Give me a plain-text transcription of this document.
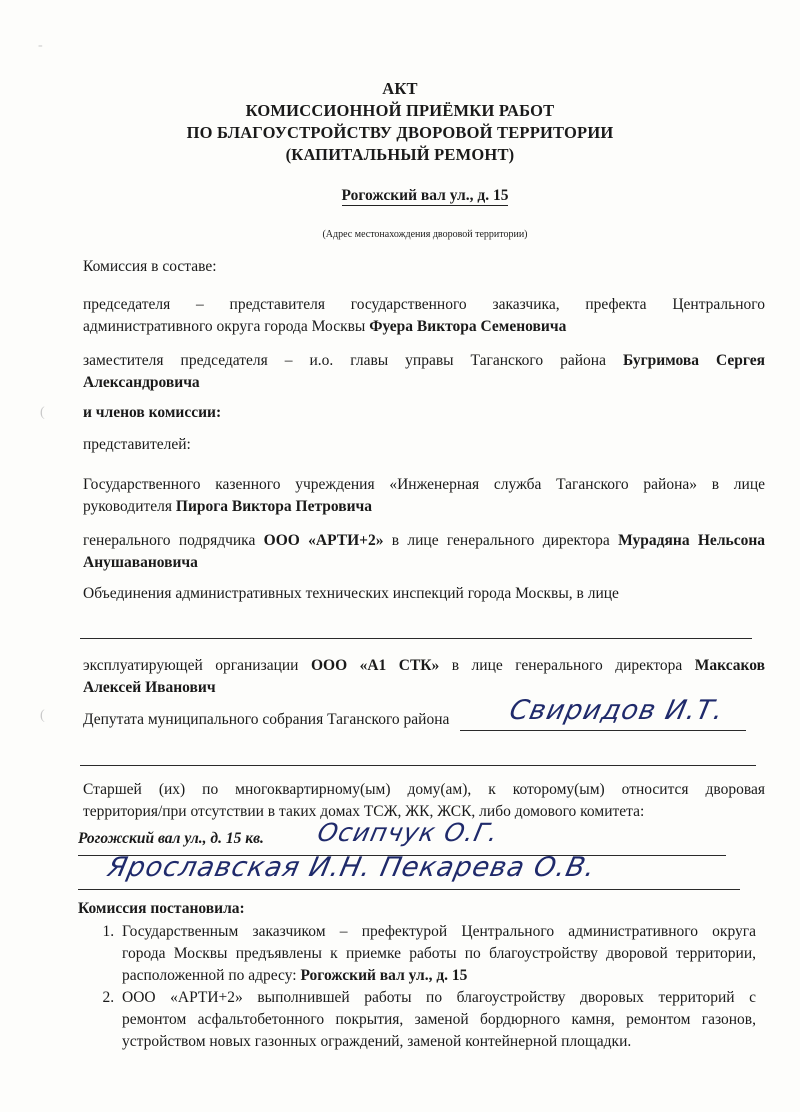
-
(
(
АКТ
КОМИССИОННОЙ ПРИЁМКИ РАБОТ
ПО БЛАГОУСТРОЙСТВУ ДВОРОВОЙ ТЕРРИТОРИИ
(КАПИТАЛЬНЫЙ РЕМОНТ)
Рогожский вал ул., д. 15
(Адрес местонахождения дворовой территории)
Комиссия в составе:
председателя – представителя государственного заказчика, префекта Центрального
административного округа города Москвы Фуера Виктора Семеновича
заместителя председателя – и.о. главы управы Таганского района Бугримова Сергея
Александровича
и членов комиссии:
представителей:
Государственного казенного учреждения «Инженерная служба Таганского района» в лице
руководителя Пирога Виктора Петровича
генерального подрядчика ООО «АРТИ+2» в лице генерального директора Мурадяна Нельсона
Анушавановича
Объединения административных технических инспекций города Москвы, в лице
эксплуатирующей организации ООО «А1 СТК» в лице генерального директора Максаков
Алексей Иванович
Депутата муниципального собрания Таганского района	Свиридов И.Т.
Старшей (их) по многоквартирному(ым) дому(ам), к которому(ым) относится дворовая
территория/при отсутствии в таких домах ТСЖ, ЖК, ЖСК, либо домового комитета:
Рогожский вал ул., д. 15 кв. Осипчук О.Г.
Ярославская И.Н. Пекарева О.В.
Комиссия постановила:
1. Государственным заказчиком – префектурой Центрального административного округа
города Москвы предъявлены к приемке работы по благоустройству дворовой территории,
расположенной по адресу: Рогожский вал ул., д. 15
2. ООО «АРТИ+2» выполнившей работы по благоустройству дворовых территорий с
ремонтом асфальтобетонного покрытия, заменой бордюрного камня, ремонтом газонов,
устройством новых газонных ограждений, заменой контейнерной площадки.
